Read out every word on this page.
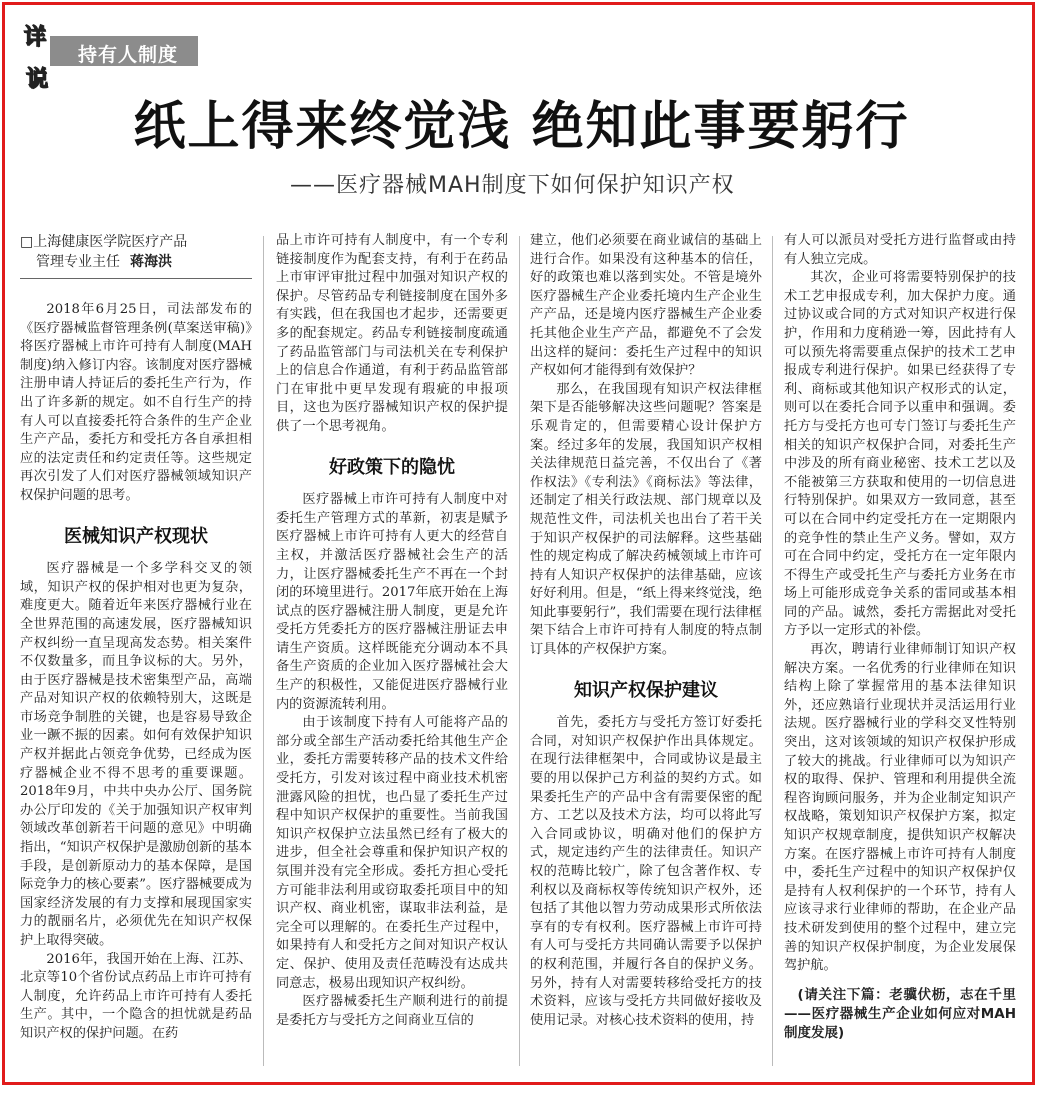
持有人制度
详
说
纸上得来终觉浅 绝知此事要躬行
——医疗器械MAH制度下如何保护知识产权
□上海健康医学院医疗产品
管理专业主任 蒋海洪

2018年6月25日，司法部发布的《医疗器械监督管理条例(草案送审稿)》将医疗器械上市许可持有人制度(MAH制度)纳入修订内容。该制度对医疗器械注册申请人持证后的委托生产行为，作出了许多新的规定。如不自行生产的持有人可以直接委托符合条件的生产企业生产产品，委托方和受托方各自承担相应的法定责任和约定责任等。这些规定再次引发了人们对医疗器械领域知识产权保护问题的思考。

医械知识产权现状

医疗器械是一个多学科交叉的领域，知识产权的保护相对也更为复杂，难度更大。随着近年来医疗器械行业在全世界范围的高速发展，医疗器械知识产权纠纷一直呈现高发态势。相关案件不仅数量多，而且争议标的大。另外，由于医疗器械是技术密集型产品，高端产品对知识产权的依赖特别大，这既是市场竞争制胜的关键，也是容易导致企业一蹶不振的因素。如何有效保护知识产权并据此占领竞争优势，已经成为医疗器械企业不得不思考的重要课题。2018年9月，中共中央办公厅、国务院办公厅印发的《关于加强知识产权审判领域改革创新若干问题的意见》中明确指出，“知识产权保护是激励创新的基本手段，是创新原动力的基本保障，是国际竞争力的核心要素”。医疗器械要成为国家经济发展的有力支撑和展现国家实力的靓丽名片，必须优先在知识产权保护上取得突破。

2016年，我国开始在上海、江苏、北京等10个省份试点药品上市许可持有人制度，允许药品上市许可持有人委托生产。其中，一个隐含的担忧就是药品知识产权的保护问题。在药

品上市许可持有人制度中，有一个专利链接制度作为配套支持，有利于在药品上市审评审批过程中加强对知识产权的保护。尽管药品专利链接制度在国外多有实践，但在我国也才起步，还需要更多的配套规定。药品专利链接制度疏通了药品监管部门与司法机关在专利保护上的信息合作通道，有利于药品监管部门在审批中更早发现有瑕疵的申报项目，这也为医疗器械知识产权的保护提供了一个思考视角。

好政策下的隐忧

医疗器械上市许可持有人制度中对委托生产管理方式的革新，初衷是赋予医疗器械上市许可持有人更大的经营自主权，并激活医疗器械社会生产的活力，让医疗器械委托生产不再在一个封闭的环境里进行。2017年底开始在上海试点的医疗器械注册人制度，更是允许受托方凭委托方的医疗器械注册证去申请生产资质。这样既能充分调动本不具备生产资质的企业加入医疗器械社会大生产的积极性，又能促进医疗器械行业内的资源流转利用。

由于该制度下持有人可能将产品的部分或全部生产活动委托给其他生产企业，委托方需要转移产品的技术文件给受托方，引发对该过程中商业技术机密泄露风险的担忧，也凸显了委托生产过程中知识产权保护的重要性。当前我国知识产权保护立法虽然已经有了极大的进步，但全社会尊重和保护知识产权的氛围并没有完全形成。委托方担心受托方可能非法利用或窃取委托项目中的知识产权、商业机密，谋取非法利益，是完全可以理解的。在委托生产过程中，如果持有人和受托方之间对知识产权认定、保护、使用及责任范畴没有达成共同意志，极易出现知识产权纠纷。

医疗器械委托生产顺利进行的前提是委托方与受托方之间商业互信的

建立，他们必须要在商业诚信的基础上进行合作。如果没有这种基本的信任，好的政策也难以落到实处。不管是境外医疗器械生产企业委托境内生产企业生产产品，还是境内医疗器械生产企业委托其他企业生产产品，都避免不了会发出这样的疑问：委托生产过程中的知识产权如何才能得到有效保护？

那么，在我国现有知识产权法律框架下是否能够解决这些问题呢？答案是乐观肯定的，但需要精心设计保护方案。经过多年的发展，我国知识产权相关法律规范日益完善，不仅出台了《著作权法》《专利法》《商标法》等法律，还制定了相关行政法规、部门规章以及规范性文件，司法机关也出台了若干关于知识产权保护的司法解释。这些基础性的规定构成了解决药械领域上市许可持有人知识产权保护的法律基础，应该好好利用。但是，“纸上得来终觉浅，绝知此事要躬行”，我们需要在现行法律框架下结合上市许可持有人制度的特点制订具体的产权保护方案。

知识产权保护建议

首先，委托方与受托方签订好委托合同，对知识产权保护作出具体规定。在现行法律框架中，合同或协议是最主要的用以保护己方利益的契约方式。如果委托生产的产品中含有需要保密的配方、工艺以及技术方法，均可以将此写入合同或协议，明确对他们的保护方式，规定违约产生的法律责任。知识产权的范畴比较广，除了包含著作权、专利权以及商标权等传统知识产权外，还包括了其他以智力劳动成果形式所依法享有的专有权利。医疗器械上市许可持有人可与受托方共同确认需要予以保护的权利范围，并履行各自的保护义务。另外，持有人对需要转移给受托方的技术资料，应该与受托方共同做好接收及使用记录。对核心技术资料的使用，持

有人可以派员对受托方进行监督或由持有人独立完成。

其次，企业可将需要特别保护的技术工艺申报成专利，加大保护力度。通过协议或合同的方式对知识产权进行保护，作用和力度稍逊一筹，因此持有人可以预先将需要重点保护的技术工艺申报成专利进行保护。如果已经获得了专利、商标或其他知识产权形式的认定，则可以在委托合同予以重申和强调。委托方与受托方也可专门签订与委托生产相关的知识产权保护合同，对委托生产中涉及的所有商业秘密、技术工艺以及不能被第三方获取和使用的一切信息进行特别保护。如果双方一致同意，甚至可以在合同中约定受托方在一定期限内的竞争性的禁止生产义务。譬如，双方可在合同中约定，受托方在一定年限内不得生产或受托生产与委托方业务在市场上可能形成竞争关系的雷同或基本相同的产品。诚然，委托方需据此对受托方予以一定形式的补偿。

再次，聘请行业律师制订知识产权解决方案。一名优秀的行业律师在知识结构上除了掌握常用的基本法律知识外，还应熟谙行业现状并灵活运用行业法规。医疗器械行业的学科交叉性特别突出，这对该领域的知识产权保护形成了较大的挑战。行业律师可以为知识产权的取得、保护、管理和利用提供全流程咨询顾问服务，并为企业制定知识产权战略，策划知识产权保护方案，拟定知识产权规章制度，提供知识产权解决方案。在医疗器械上市许可持有人制度中，委托生产过程中的知识产权保护仅是持有人权利保护的一个环节，持有人应该寻求行业律师的帮助，在企业产品技术研发到使用的整个过程中，建立完善的知识产权保护制度，为企业发展保驾护航。

(请关注下篇：老骥伏枥，志在千里——医疗器械生产企业如何应对MAH制度发展)
